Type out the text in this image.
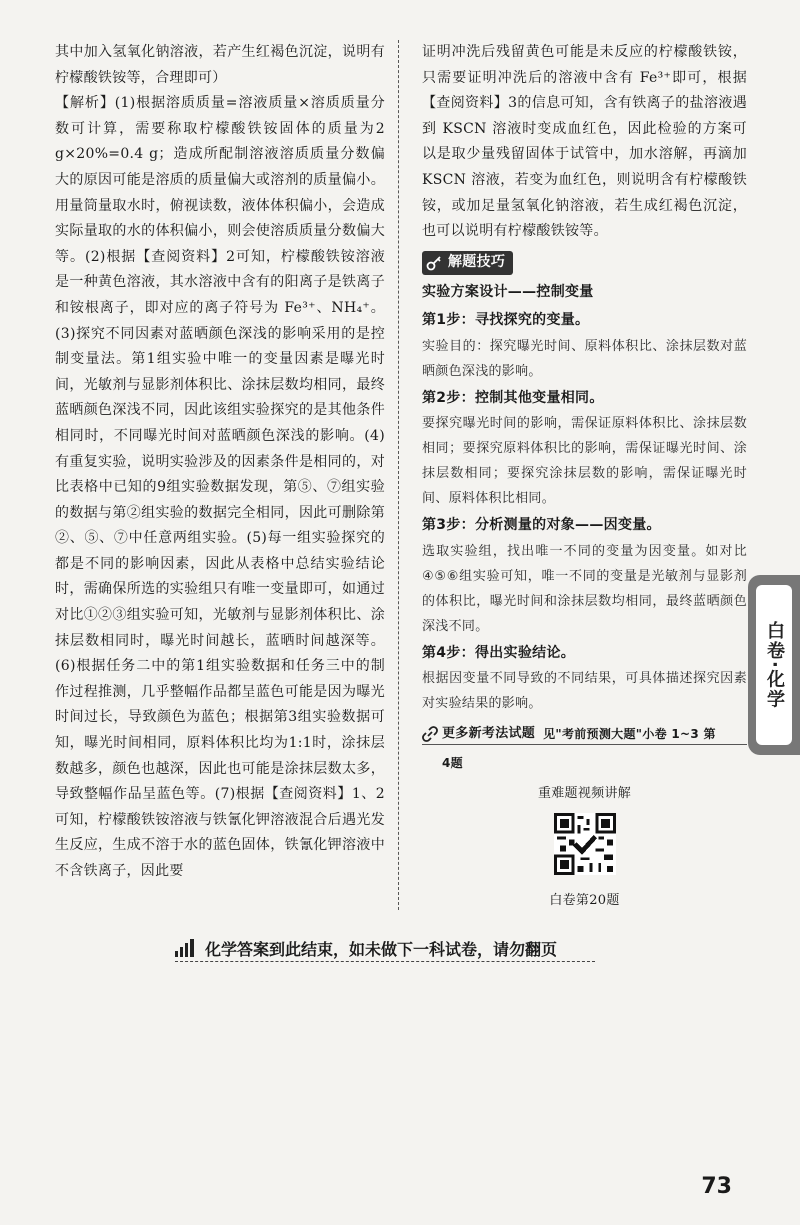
其中加入氢氧化钠溶液，若产生红褐色沉淀，说明有柠檬酸铁铵等，合理即可）

【解析】(1)根据溶质质量=溶液质量×溶质质量分数可计算，需要称取柠檬酸铁铵固体的质量为2 g×20%=0.4 g；造成所配制溶液溶质质量分数偏大的原因可能是溶质的质量偏大或溶剂的质量偏小。用量筒量取水时，俯视读数，液体体积偏小，会造成实际量取的水的体积偏小，则会使溶质质量分数偏大等。(2)根据【查阅资料】2可知，柠檬酸铁铵溶液是一种黄色溶液，其水溶液中含有的阳离子是铁离子和铵根离子，即对应的离子符号为 Fe³⁺、NH₄⁺。(3)探究不同因素对蓝晒颜色深浅的影响采用的是控制变量法。第1组实验中唯一的变量因素是曝光时间，光敏剂与显影剂体积比、涂抹层数均相同，最终蓝晒颜色深浅不同，因此该组实验探究的是其他条件相同时，不同曝光时间对蓝晒颜色深浅的影响。(4)有重复实验，说明实验涉及的因素条件是相同的，对比表格中已知的9组实验数据发现，第⑤、⑦组实验的数据与第②组实验的数据完全相同，因此可删除第②、⑤、⑦中任意两组实验。(5)每一组实验探究的都是不同的影响因素，因此从表格中总结实验结论时，需确保所选的实验组只有唯一变量即可，如通过对比①②③组实验可知，光敏剂与显影剂体积比、涂抹层数相同时，曝光时间越长，蓝晒时间越深等。(6)根据任务二中的第1组实验数据和任务三中的制作过程推测，几乎整幅作品都呈蓝色可能是因为曝光时间过长，导致颜色为蓝色；根据第3组实验数据可知，曝光时间相同，原料体积比均为1:1时，涂抹层数越多，颜色也越深，因此也可能是涂抹层数太多，导致整幅作品呈蓝色等。(7)根据【查阅资料】1、2可知，柠檬酸铁铵溶液与铁氰化钾溶液混合后遇光发生反应，生成不溶于水的蓝色固体，铁氰化钾溶液中不含铁离子，因此要

证明冲洗后残留黄色可能是未反应的柠檬酸铁铵，只需要证明冲洗后的溶液中含有 Fe³⁺即可，根据【查阅资料】3的信息可知，含有铁离子的盐溶液遇到 KSCN 溶液时变成血红色，因此检验的方案可以是取少量残留固体于试管中，加水溶解，再滴加 KSCN 溶液，若变为血红色，则说明含有柠檬酸铁铵，或加足量氢氧化钠溶液，若生成红褐色沉淀，也可以说明有柠檬酸铁铵等。

解题技巧
实验方案设计——控制变量
第1步：寻找探究的变量。
实验目的：探究曝光时间、原料体积比、涂抹层数对蓝晒颜色深浅的影响。
第2步：控制其他变量相同。
要探究曝光时间的影响，需保证原料体积比、涂抹层数相同；要探究原料体积比的影响，需保证曝光时间、涂抹层数相同；要探究涂抹层数的影响，需保证曝光时间、原料体积比相同。
第3步：分析测量的对象——因变量。
选取实验组，找出唯一不同的变量为因变量。如对比④⑤⑥组实验可知，唯一不同的变量是光敏剂与显影剂的体积比，曝光时间和涂抹层数均相同，最终蓝晒颜色深浅不同。
第4步：得出实验结论。
根据因变量不同导致的不同结果，可具体描述探究因素对实验结果的影响。
更多新考法试题 见"考前预测大题"小卷 1~3 第
4题
重难题视频讲解
白卷第20题
化学答案到此结束，如未做下一科试卷，请勿翻页
白卷·化学
73
